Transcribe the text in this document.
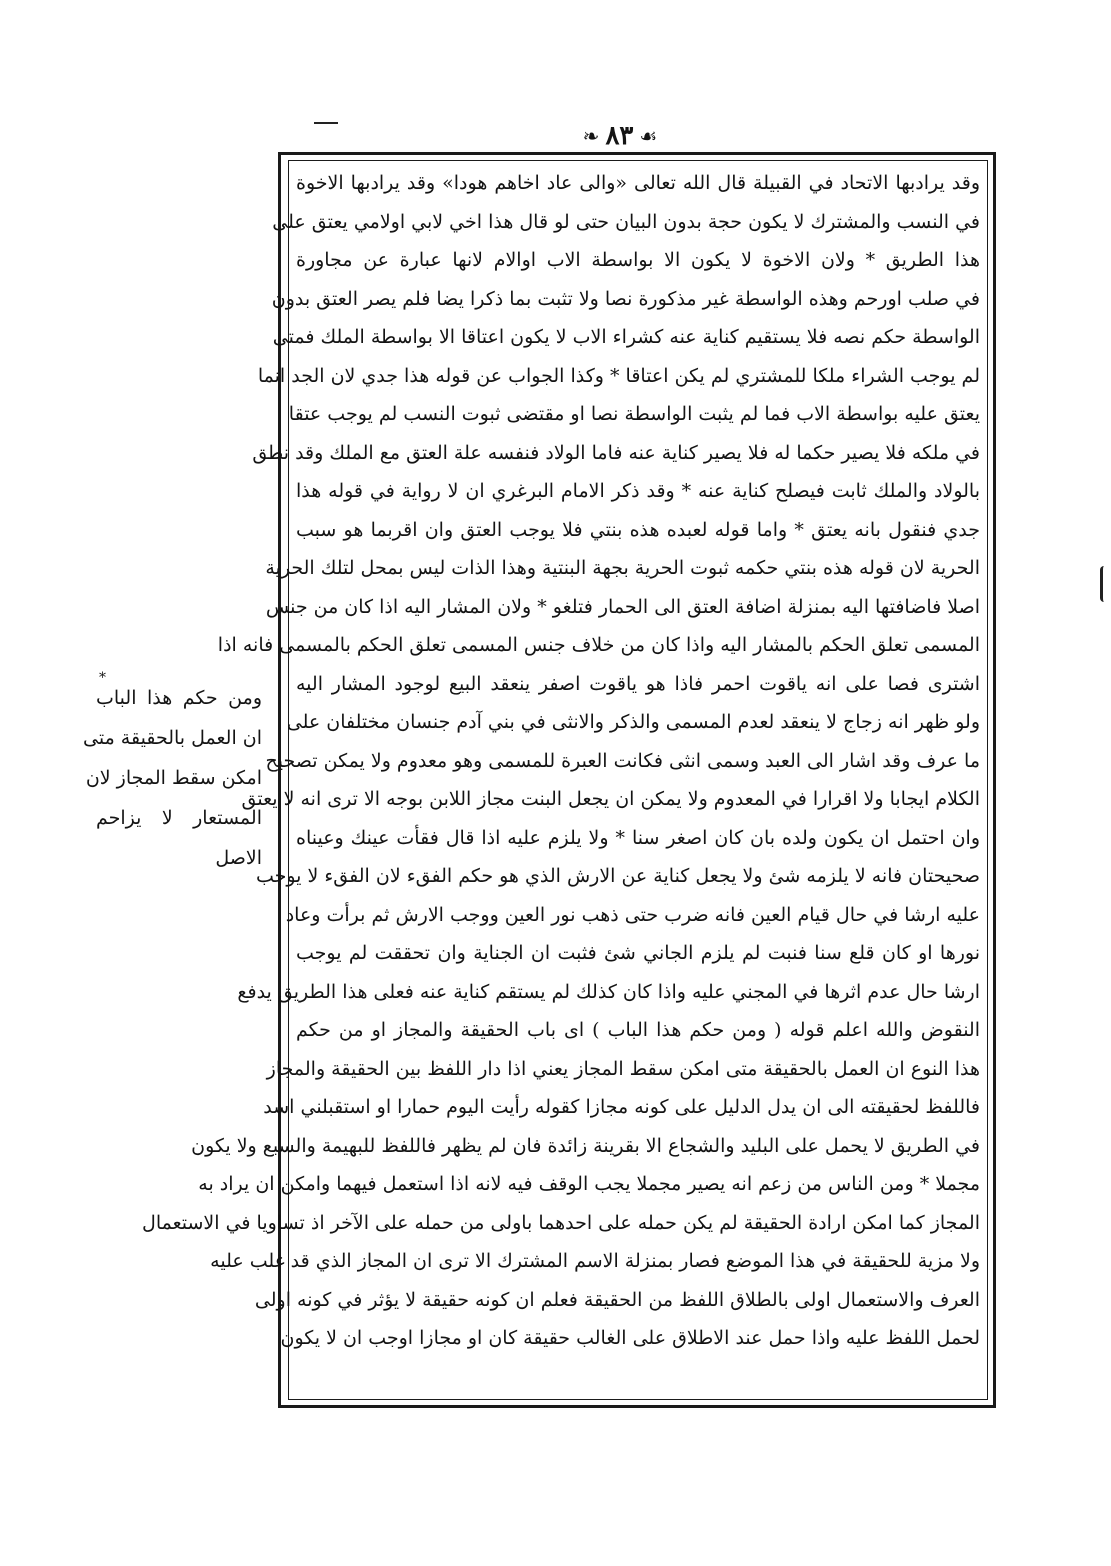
❧ ٨٣ ☙
وقد يرادبها الاتحاد في القبيلة قال الله تعالى «والى عاد اخاهم هودا» وقد يرادبها الاخوة
في النسب والمشترك لا يكون حجة بدون البيان حتى لو قال هذا اخي لابي اولامي يعتق على
هذا الطريق * ولان الاخوة لا يكون الا بواسطة الاب اوالام لانها عبارة عن مجاورة
في صلب اورحم وهذه الواسطة غير مذكورة نصا ولا تثبت بما ذكرا يضا فلم يصر العتق بدون
الواسطة حكم نصه فلا يستقيم كناية عنه كشراء الاب لا يكون اعتاقا الا بواسطة الملك فمتى
لم يوجب الشراء ملكا للمشتري لم يكن اعتاقا * وكذا الجواب عن قوله هذا جدي لان الجد انما
يعتق عليه بواسطة الاب فما لم يثبت الواسطة نصا او مقتضى ثبوت النسب لم يوجب عتقا
في ملكه فلا يصير حكما له فلا يصير كناية عنه فاما الولاد فنفسه علة العتق مع الملك وقد نطق
بالولاد والملك ثابت فيصلح كناية عنه * وقد ذكر الامام البرغري ان لا رواية في قوله هذا
جدي فنقول بانه يعتق * واما قوله لعبده هذه بنتي فلا يوجب العتق وان اقربما هو سبب
الحرية لان قوله هذه بنتي حكمه ثبوت الحرية بجهة البنتية وهذا الذات ليس بمحل لتلك الحرية
اصلا فاضافتها اليه بمنزلة اضافة العتق الى الحمار فتلغو * ولان المشار اليه اذا كان من جنس
المسمى تعلق الحكم بالمشار اليه واذا كان من خلاف جنس المسمى تعلق الحكم بالمسمى فانه اذا
اشترى فصا على انه ياقوت احمر فاذا هو ياقوت اصفر ينعقد البيع لوجود المشار اليه
ولو ظهر انه زجاج لا ينعقد لعدم المسمى والذكر والانثى في بني آدم جنسان مختلفان على
ما عرف وقد اشار الى العبد وسمى انثى فكانت العبرة للمسمى وهو معدوم ولا يمكن تصحيح
الكلام ايجابا ولا اقرارا في المعدوم ولا يمكن ان يجعل البنت مجاز اللابن بوجه الا ترى انه لا يعتق
وان احتمل ان يكون ولده بان كان اصغر سنا * ولا يلزم عليه اذا قال فقأت عينك وعيناه
صحيحتان فانه لا يلزمه شئ ولا يجعل كناية عن الارش الذي هو حكم الفقء لان الفقء لا يوجب
عليه ارشا في حال قيام العين فانه ضرب حتى ذهب نور العين ووجب الارش ثم برأت وعاد
نورها او كان قلع سنا فنبت لم يلزم الجاني شئ فثبت ان الجناية وان تحققت لم يوجب
ارشا حال عدم اثرها في المجني عليه واذا كان كذلك لم يستقم كناية عنه فعلى هذا الطريق يدفع
النقوض والله اعلم قوله ( ومن حكم هذا الباب ) اى باب الحقيقة والمجاز او من حكم
هذا النوع ان العمل بالحقيقة متى امكن سقط المجاز يعني اذا دار اللفظ بين الحقيقة والمجاز
فاللفظ لحقيقته الى ان يدل الدليل على كونه مجازا كقوله رأيت اليوم حمارا او استقبلني اسد
في الطريق لا يحمل على البليد والشجاع الا بقرينة زائدة فان لم يظهر فاللفظ للبهيمة والسبع ولا يكون
مجملا * ومن الناس من زعم انه يصير مجملا يجب الوقف فيه لانه اذا استعمل فيهما وامكن ان يراد به
المجاز كما امكن ارادة الحقيقة لم يكن حمله على احدهما باولى من حمله على الآخر اذ تساويا في الاستعمال
ولا مزية للحقيقة في هذا الموضع فصار بمنزلة الاسم المشترك الا ترى ان المجاز الذي قد غلب عليه
العرف والاستعمال اولى بالطلاق اللفظ من الحقيقة فعلم ان كونه حقيقة لا يؤثر في كونه اولى
لحمل اللفظ عليه واذا حمل عند الاطلاق على الغالب حقيقة كان او مجازا اوجب ان لا يكون
*
ومن حكم هذا الباب
ان العمل بالحقيقة متى
امكن سقط المجاز لان
المستعار لا يزاحم
الاصل
